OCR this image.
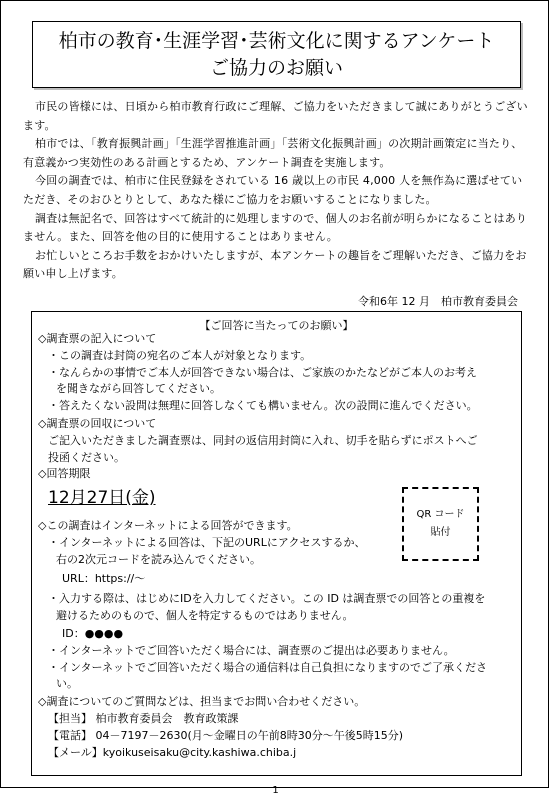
柏市の教育･生涯学習･芸術文化に関するアンケート
ご協力のお願い

市民の皆様には、日頃から柏市教育行政にご理解、ご協力をいただきまして誠にありがとうございます。

柏市では、「教育振興計画」「生涯学習推進計画」「芸術文化振興計画」の次期計画策定に当たり、有意義かつ実効性のある計画とするため、アンケート調査を実施します。

今回の調査では、柏市に住民登録をされている 16 歳以上の市民 4,000 人を無作為に選ばせていただき、そのおひとりとして、あなた様にご協力をお願いすることになりました。

調査は無記名で、回答はすべて統計的に処理しますので、個人のお名前が明らかになることはありません。また、回答を他の目的に使用することはありません。

お忙しいところお手数をおかけいたしますが、本アンケートの趣旨をご理解いただき、ご協力をお願い申し上げます。

令和6年 12 月　柏市教育委員会
【ご回答に当たってのお願い】
◇調査票の記入について
・この調査は封筒の宛名のご本人が対象となります。
・なんらかの事情でご本人が回答できない場合は、ご家族のかたなどがご本人のお考え
を聞きながら回答してください。
・答えたくない設問は無理に回答しなくても構いません。次の設問に進んでください。
◇調査票の回収について
ご記入いただきました調査票は、同封の返信用封筒に入れ、切手を貼らずにポストへご
投函ください。
◇回答期限
12月27日(金)
QR コード
貼付
◇この調査はインターネットによる回答ができます。
・インターネットによる回答は、下記のURLにアクセスするか、
右の2次元コードを読み込んでください。
URL：https://～
・入力する際は、はじめにIDを入力してください。この ID は調査票での回答との重複を
避けるためのもので、個人を特定するものではありません。
ID：●●●●
・インターネットでご回答いただく場合には、調査票のご提出は必要ありません。
・インターネットでご回答いただく場合の通信料は自己負担になりますのでご了承くださ
い。
◇調査についてのご質問などは、担当までお問い合わせください。
【担当】 柏市教育委員会　教育政策課
【電話】 04－7197－2630(月～金曜日の午前8時30分～午後5時15分)
【メール】kyoikuseisaku@city.kashiwa.chiba.j
1
